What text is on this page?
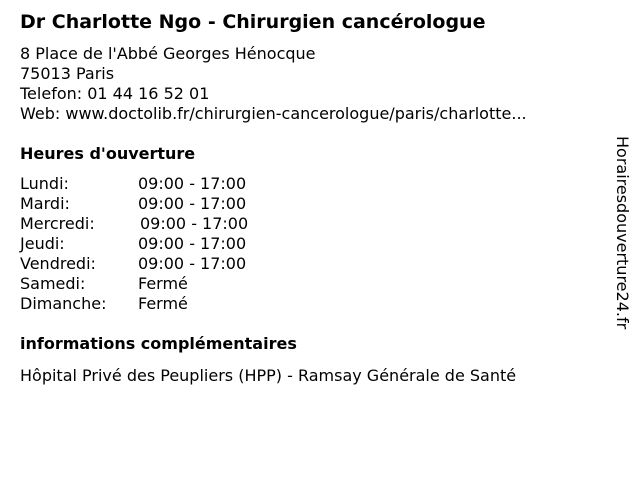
Dr Charlotte Ngo - Chirurgien cancérologue
8 Place de l'Abbé Georges Hénocque
75013 Paris
Telefon: 01 44 16 52 01
Web: www.doctolib.fr/chirurgien-cancerologue/paris/charlotte...
Heures d'ouverture
Lundi:	09:00 - 17:00
Mardi:	09:00 - 17:00
Mercredi:	09:00 - 17:00
Jeudi:	09:00 - 17:00
Vendredi:	09:00 - 17:00
Samedi:	Fermé
Dimanche: Fermé
informations complémentaires
Hôpital Privé des Peupliers (HPP) - Ramsay Générale de Santé
Horairesdouverture24.fr
